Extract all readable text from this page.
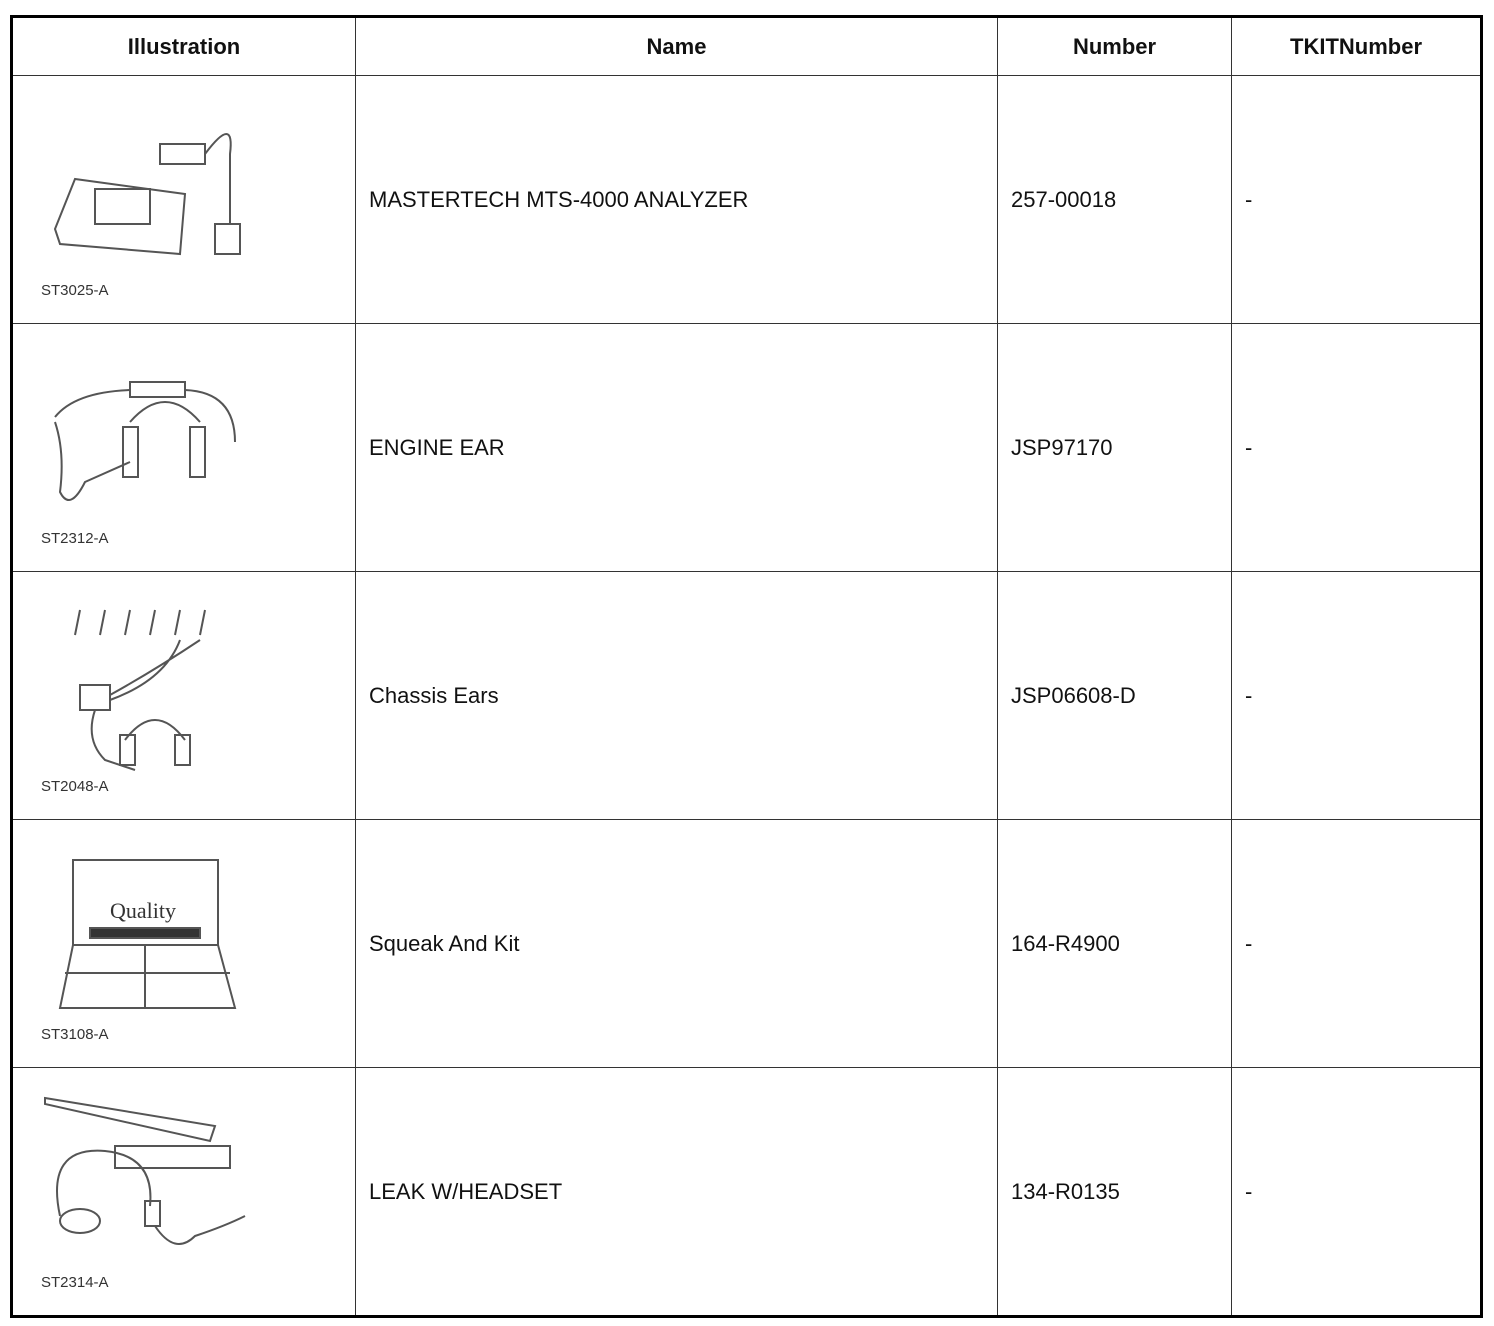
Illustration	Name	Number	TKITNumber

ST3025-A	MASTERTECH MTS-4000 ANALYZER	257-00018	-

ST2312-A	ENGINE EAR	JSP97170	-

ST2048-A	Chassis Ears	JSP06608-D	-

Quality
ST3108-A	Squeak And Kit	164-R4900	-

ST2314-A	LEAK W/HEADSET	134-R0135	-
